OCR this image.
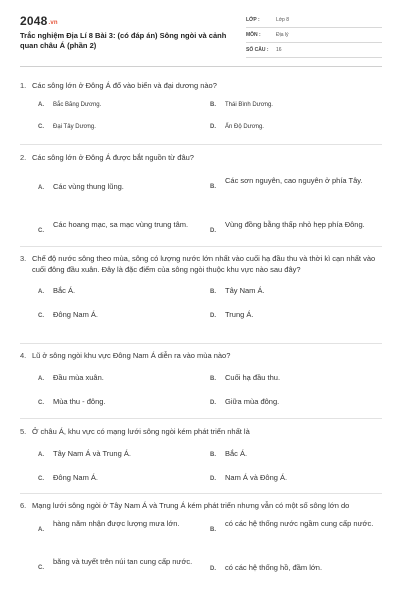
2048.vn
Trắc nghiệm Địa Lí 8 Bài 3: (có đáp án) Sông ngòi và cảnh quan châu Á (phần 2)
LỚP :	Lớp 8
MÔN :	Địa lý
SỐ CÂU : 16
1. Các sông lớn ở Đông Á đổ vào biển và đại dương nào?
A. Bắc Băng Dương.	B. Thái Bình Dương.
C. Đại Tây Dương.	D. Ấn Độ Dương.
2. Các sông lớn ở Đông Á được bắt nguồn từ đâu?
A. Các vùng thung lũng.	B.
Các sơn nguyên, cao nguyên ở phía Tây.
C.
Các hoang mạc, sa mạc vùng trung tâm.
D.
Vùng đồng bằng thấp nhỏ hẹp phía Đông.
3. Chế độ nước sông theo mùa, sông có lượng nước lớn nhất vào cuối hạ đầu thu và thời kì cạn nhất vào cuối đông đầu xuân. Đây là đặc điểm của sông ngòi thuộc khu vực nào sau đây?
A. Bắc Á.	B. Tây Nam Á.
C. Đông Nam Á.	D. Trung Á.
4. Lũ ở sông ngòi khu vực Đông Nam Á diễn ra vào mùa nào?
A. Đầu mùa xuân.	B. Cuối hạ đầu thu.
C. Mùa thu - đông.	D. Giữa mùa đông.
5. Ở châu Á, khu vực có mạng lưới sông ngòi kém phát triển nhất là
A. Tây Nam Á và Trung Á.	B. Bắc Á.
C. Đông Nam Á.	D. Nam Á và Đông Á.
6. Mạng lưới sông ngòi ở Tây Nam Á và Trung Á kém phát triển nhưng vẫn có một số sông lớn do
A.
hàng năm nhận được lượng mưa lớn.
B.
có các hệ thống nước ngầm cung cấp nước.
C.
băng và tuyết trên núi tan cung cấp nước.
D. có các hệ thống hồ, đầm lớn.
